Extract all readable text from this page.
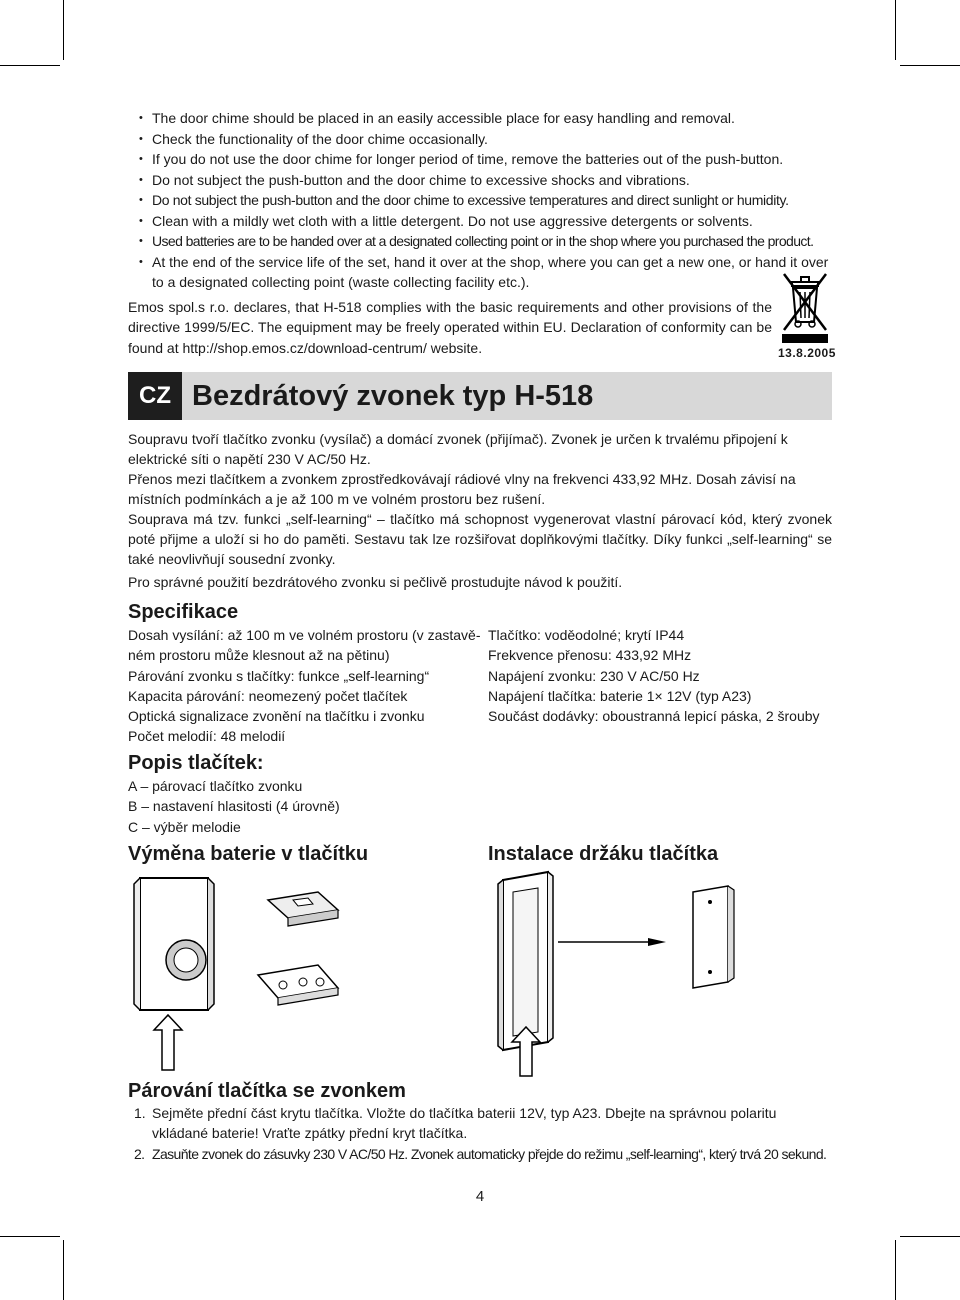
• The door chime should be placed in an easily accessible place for easy handling and removal.
• Check the functionality of the door chime occasionally.
• If you do not use the door chime for longer period of time, remove the batteries out of the push-button.
• Do not subject the push-button and the door chime to excessive shocks and vibrations.
• Do not subject the push-button and the door chime to excessive temperatures and direct sunlight or humidity.
• Clean with a mildly wet cloth with a little detergent. Do not use aggressive detergents or solvents.
• Used batteries are to be handed over at a designated collecting point or in the shop where you purchased the product.
• At the end of the service life of the set, hand it over at the shop, where you can get a new one, or hand it over to a designated collecting point (waste collecting facility etc.).

Emos spol.s r.o. declares, that H-518 complies with the basic requirements and other provisions of the directive 1999/5/EC. The equipment may be freely operated within EU. Declaration of conformity can be found at http://shop.emos.cz/download-centrum/ website.	13.8.2005
CZ Bezdrátový zvonek typ H-518

Soupravu tvoří tlačítko zvonku (vysílač) a domácí zvonek (přijímač). Zvonek je určen k trvalému připojení k elektrické síti o napětí 230 V AC/50 Hz.

Přenos mezi tlačítkem a zvonkem zprostředkovávají rádiové vlny na frekvenci 433,92 MHz. Dosah závisí na místních podmínkách a je až 100 m ve volném prostoru bez rušení.

Souprava má tzv. funkci „self-learning“ – tlačítko má schopnost vygenerovat vlastní párovací kód, který zvonek poté přijme a uloží si ho do paměti. Sestavu tak lze rozšiřovat doplňkovými tlačítky. Díky funkci „self-learning“ se také neovlivňují sousední zvonky.

Pro správné použití bezdrátového zvonku si pečlivě prostudujte návod k použití.

Specifikace
Dosah vysílání: až 100 m ve volném prostoru (v zastavě-
ném prostoru může klesnout až na pětinu)
Párování zvonku s tlačítky: funkce „self-learning“
Kapacita párování: neomezený počet tlačítek
Optická signalizace zvonění na tlačítku i zvonku
Počet melodií: 48 melodií
Tlačítko: voděodolné; krytí IP44
Frekvence přenosu: 433,92 MHz
Napájení zvonku: 230 V AC/50 Hz
Napájení tlačítka: baterie 1× 12V (typ A23)
Součást dodávky: oboustranná lepicí páska, 2 šrouby
Popis tlačítek:
A – párovací tlačítko zvonku
B – nastavení hlasitosti (4 úrovně)
C – výběr melodie
Výměna baterie v tlačítku	Instalace držáku tlačítka
Párování tlačítka se zvonkem
1. Sejměte přední část krytu tlačítka. Vložte do tlačítka baterii 12V, typ A23. Dbejte na správnou polaritu vkládané baterie! Vraťte zpátky přední kryt tlačítka.
2. Zasuňte zvonek do zásuvky 230 V AC/50 Hz. Zvonek automaticky přejde do režimu „self-learning“, který trvá 20 sekund.
4
